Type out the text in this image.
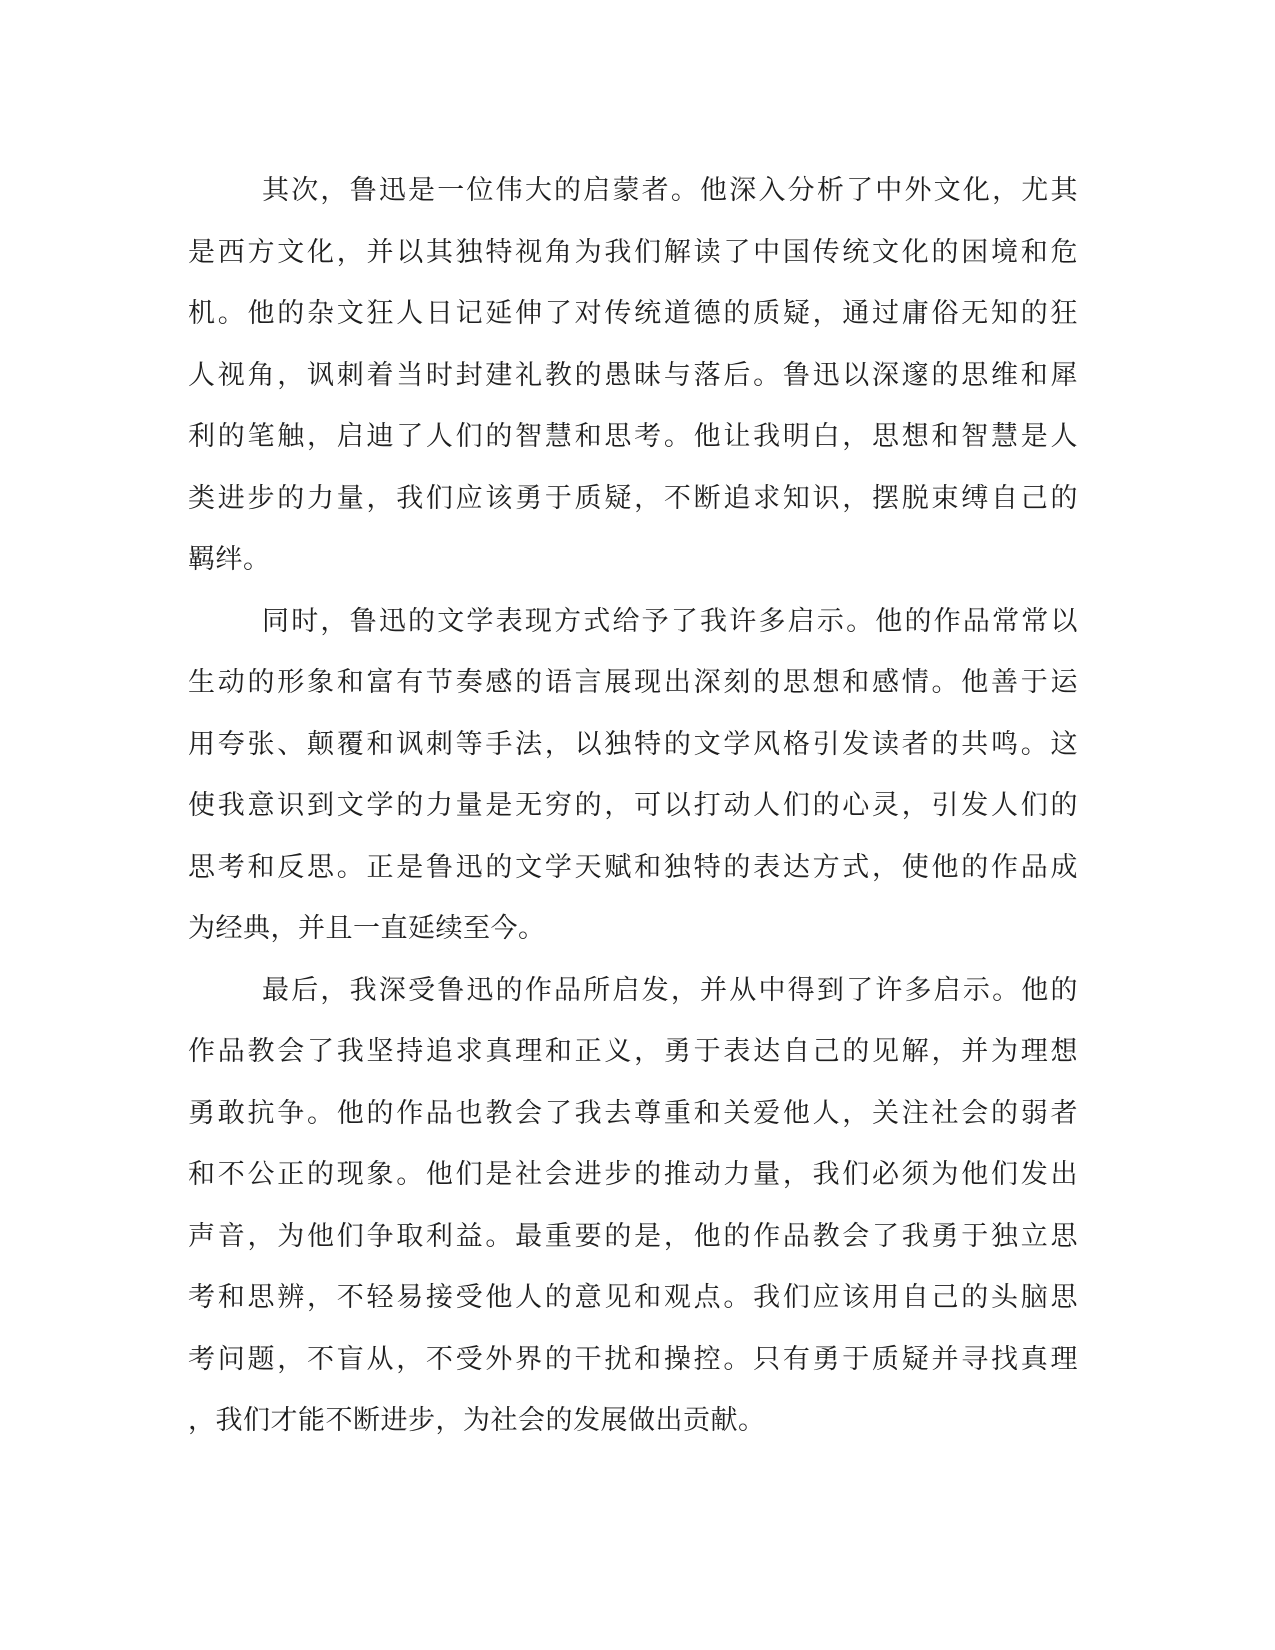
其次，鲁迅是一位伟大的启蒙者。他深入分析了中外文化，尤其
是西方文化，并以其独特视角为我们解读了中国传统文化的困境和危
机。他的杂文狂人日记延伸了对传统道德的质疑，通过庸俗无知的狂
人视角，讽刺着当时封建礼教的愚昧与落后。鲁迅以深邃的思维和犀
利的笔触，启迪了人们的智慧和思考。他让我明白，思想和智慧是人
类进步的力量，我们应该勇于质疑，不断追求知识，摆脱束缚自己的
羁绊。
同时，鲁迅的文学表现方式给予了我许多启示。他的作品常常以
生动的形象和富有节奏感的语言展现出深刻的思想和感情。他善于运
用夸张、颠覆和讽刺等手法，以独特的文学风格引发读者的共鸣。这
使我意识到文学的力量是无穷的，可以打动人们的心灵，引发人们的
思考和反思。正是鲁迅的文学天赋和独特的表达方式，使他的作品成
为经典，并且一直延续至今。
最后，我深受鲁迅的作品所启发，并从中得到了许多启示。他的
作品教会了我坚持追求真理和正义，勇于表达自己的见解，并为理想
勇敢抗争。他的作品也教会了我去尊重和关爱他人，关注社会的弱者
和不公正的现象。他们是社会进步的推动力量，我们必须为他们发出
声音，为他们争取利益。最重要的是，他的作品教会了我勇于独立思
考和思辨，不轻易接受他人的意见和观点。我们应该用自己的头脑思
考问题，不盲从，不受外界的干扰和操控。只有勇于质疑并寻找真理
，我们才能不断进步，为社会的发展做出贡献。
